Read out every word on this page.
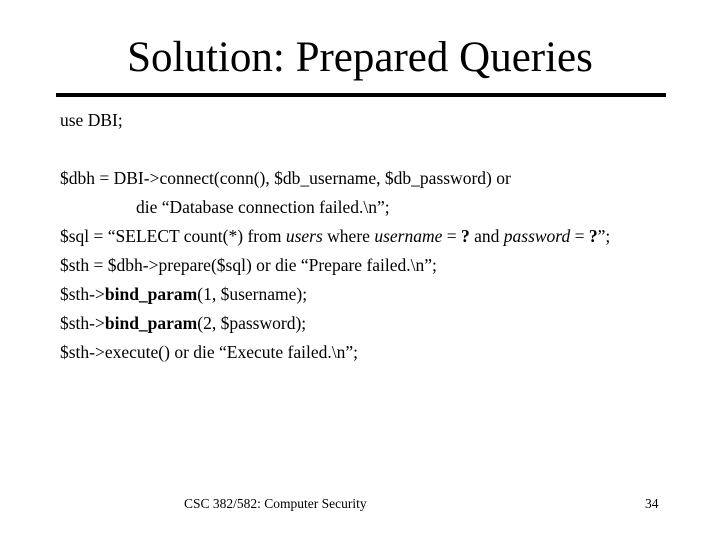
Solution: Prepared Queries
use DBI;
$dbh = DBI->connect(conn(), $db_username, $db_password) or
die “Database connection failed.\n”;
$sql = “SELECT count(*) from users where username = ? and password = ?”;
$sth = $dbh->prepare($sql) or die “Prepare failed.\n”;
$sth->bind_param(1, $username);
$sth->bind_param(2, $password);
$sth->execute() or die “Execute failed.\n”;
CSC 382/582: Computer Security	34
